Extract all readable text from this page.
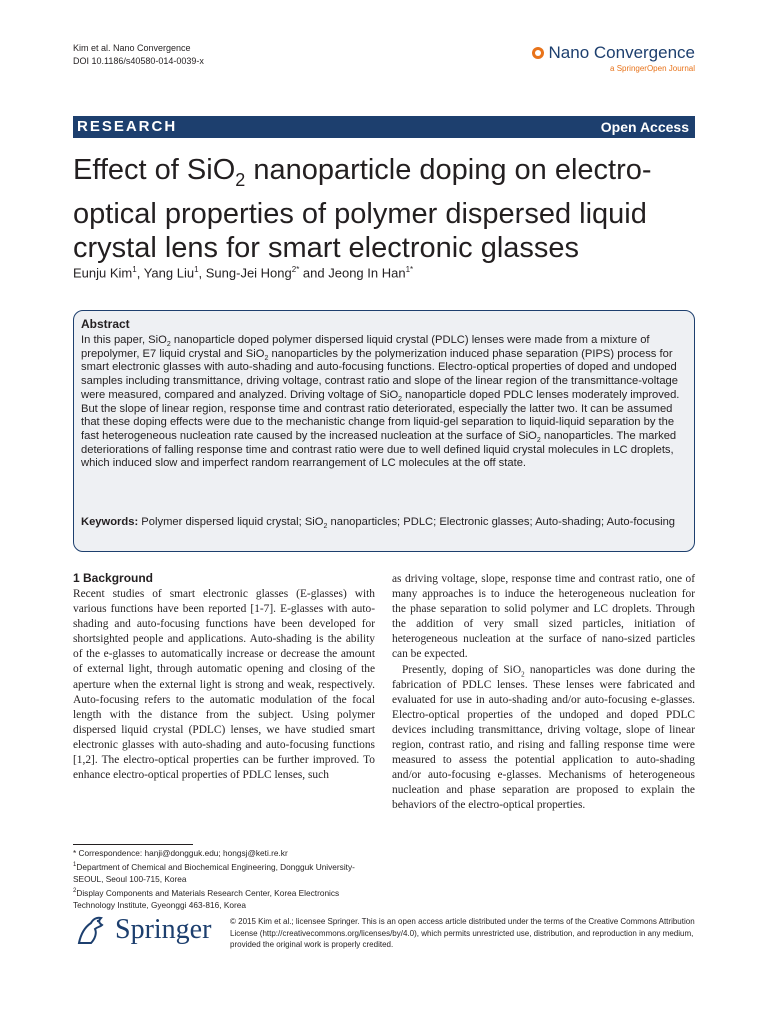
Kim et al. Nano Convergence
DOI 10.1186/s40580-014-0039-x	Nano Convergence
a SpringerOpen Journal
RESEARCH	Open Access
Effect of SiO$_2$ nanoparticle doping on electro-optical properties of polymer dispersed liquid crystal lens for smart electronic glasses
Eunju Kim$^1$, Yang Liu$^1$, Sung-Jei Hong$^{2*}$ and Jeong In Han$^{1*}$
Abstract
In this paper, SiO$_2$ nanoparticle doped polymer dispersed liquid crystal (PDLC) lenses were made from a mixture of prepolymer, E7 liquid crystal and SiO$_2$ nanoparticles by the polymerization induced phase separation (PIPS) process for smart electronic glasses with auto-shading and auto-focusing functions. Electro-optical properties of doped and undoped samples including transmittance, driving voltage, contrast ratio and slope of the linear region of the transmittance-voltage were measured, compared and analyzed. Driving voltage of SiO$_2$ nanoparticle doped PDLC lenses moderately improved. But the slope of linear region, response time and contrast ratio deteriorated, especially the latter two. It can be assumed that these doping effects were due to the mechanistic change from liquid-gel separation to liquid-liquid separation by the fast heterogeneous nucleation rate caused by the increased nucleation at the surface of SiO$_2$ nanoparticles. The marked deteriorations of falling response time and contrast ratio were due to well defined liquid crystal molecules in LC droplets, which induced slow and imperfect random rearrangement of LC molecules at the off state.
Keywords: Polymer dispersed liquid crystal; SiO$_2$ nanoparticles; PDLC; Electronic glasses; Auto-shading; Auto-focusing
1 Background
Recent studies of smart electronic glasses (E-glasses) with various functions have been reported [1-7]. E-glasses with auto-shading and auto-focusing functions have been developed for shortsighted people and applications. Auto-shading is the ability of the e-glasses to automatically increase or decrease the amount of external light, through automatic opening and closing of the aperture when the external light is strong and weak, respectively. Auto-focusing refers to the automatic modulation of the focal length with the distance from the subject. Using polymer dispersed liquid crystal (PDLC) lenses, we have studied smart electronic glasses with auto-shading and auto-focusing functions [1,2]. The electro-optical properties can be further improved. To enhance electro-optical properties of PDLC lenses, such
as driving voltage, slope, response time and contrast ratio, one of many approaches is to induce the heterogeneous nucleation for the phase separation to solid polymer and LC droplets. Through the addition of very small sized particles, initiation of heterogeneous nucleation at the surface of nano-sized particles can be expected.
Presently, doping of SiO$_2$ nanoparticles was done during the fabrication of PDLC lenses. These lenses were fabricated and evaluated for use in auto-shading and/or auto-focusing e-glasses. Electro-optical properties of the undoped and doped PDLC devices including transmittance, driving voltage, slope of linear region, contrast ratio, and rising and falling response time were measured to assess the potential application to auto-shading and/or auto-focusing e-glasses. Mechanisms of heterogeneous nucleation and phase separation are proposed to explain the behaviors of the electro-optical properties.
* Correspondence: hanji@dongguk.edu; hongsj@keti.re.kr
$^1$Department of Chemical and Biochemical Engineering, Dongguk University-SEOUL, Seoul 100-715, Korea
$^2$Display Components and Materials Research Center, Korea Electronics Technology Institute, Gyeonggi 463-816, Korea
Springer © 2015 Kim et al.; licensee Springer. This is an open access article distributed under the terms of the Creative Commons Attribution License (http://creativecommons.org/licenses/by/4.0), which permits unrestricted use, distribution, and reproduction in any medium, provided the original work is properly credited.
